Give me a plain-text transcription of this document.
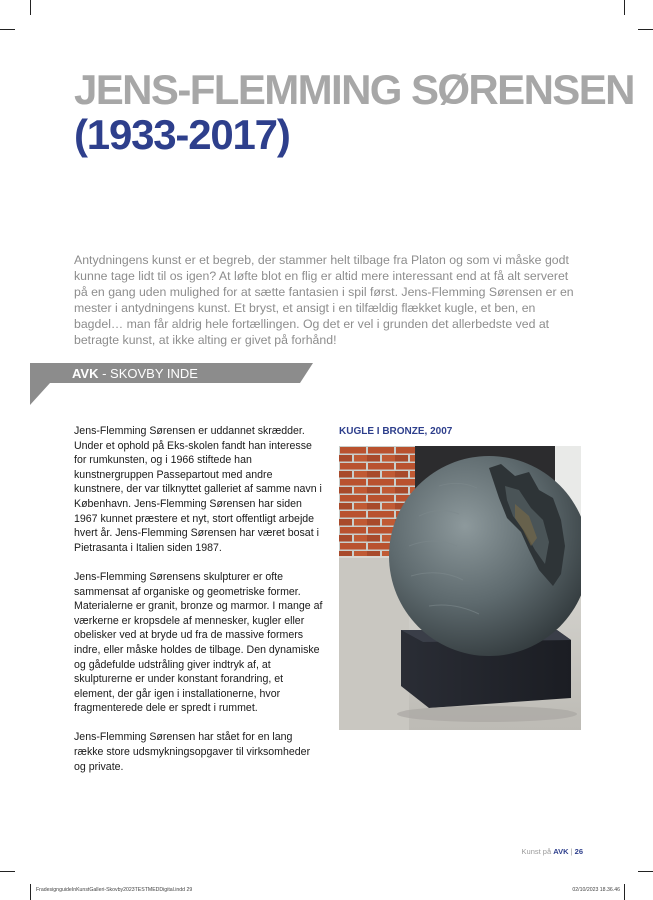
JENS-FLEMMING SØRENSEN
(1933-2017)

Antydningens kunst er et begreb, der stammer helt tilbage fra Platon og som vi måske godt kunne tage lidt til os igen? At løfte blot en flig er altid mere interessant end at få alt serveret på en gang uden mulighed for at sætte fantasien i spil først. Jens-Flemming Sørensen er en mester i antydningens kunst. Et bryst, et ansigt i en tilfældig flækket kugle, et ben, en bagdel… man får aldrig hele fortællingen. Og det er vel i grunden det allerbedste ved at betragte kunst, at ikke alting er givet på forhånd!

AVK - SKOVBY INDE

Jens-Flemming Sørensen er uddannet skrædder. Under et ophold på Eks-skolen fandt han interesse for rumkunsten, og i 1966 stiftede han kunstnergruppen Passepartout med andre kunstnere, der var tilknyttet galleriet af samme navn i København. Jens-Flemming Sørensen har siden 1967 kunnet præstere et nyt, stort offentligt arbejde hvert år. Jens-Flemming Sørensen har været bosat i Pietrasanta i Italien siden 1987.

Jens-Flemming Sørensens skulpturer er ofte sammensat af organiske og geometriske former. Materialerne er granit, bronze og marmor. I mange af værkerne er kropsdele af mennesker, kugler eller obelisker ved at bryde ud fra de massive formers indre, eller måske holdes de tilbage. Den dynamiske og gådefulde udstråling giver indtryk af, at skulpturerne er under konstant forandring, et element, der går igen i installationerne, hvor fragmenterede dele er spredt i rummet.

Jens-Flemming Sørensen har stået for en lang række store udsmykningsopgaver til virksomheder og private.

KUGLE I BRONZE, 2007

Kunst på AVK | 26
FradesignguideInKunstGalleri-Skovby2023TESTMEDDigital.indd 29	02/10/2023 18.36.46
